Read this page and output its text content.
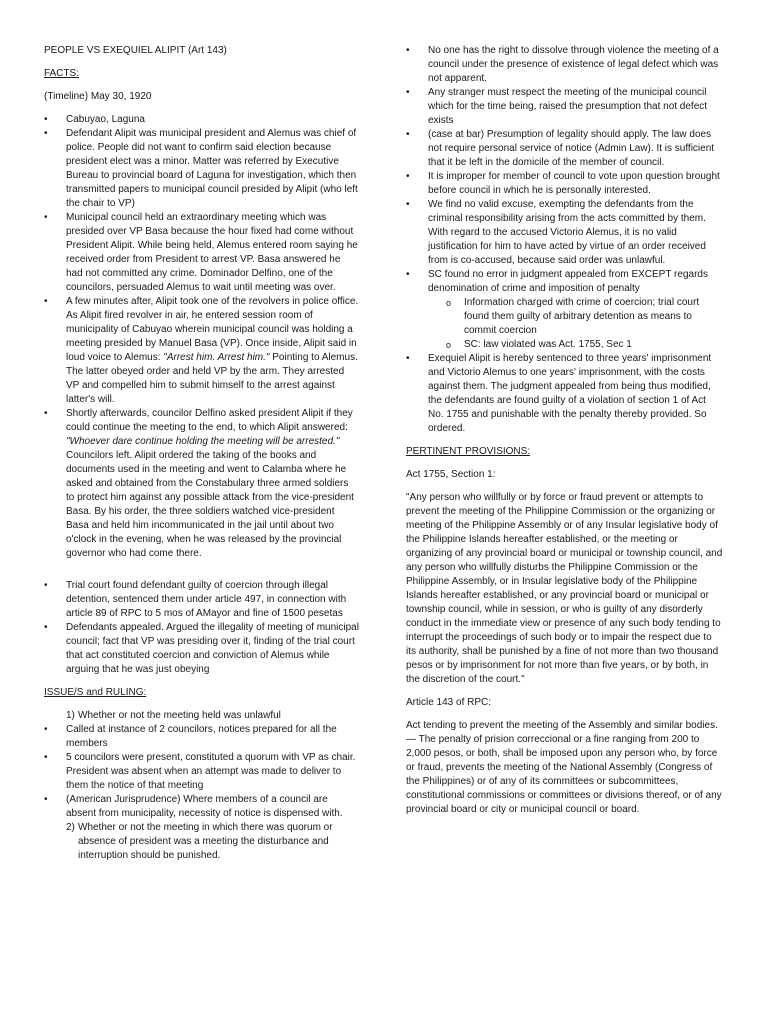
PEOPLE VS EXEQUIEL ALIPIT (Art 143)

FACTS:

(Timeline) May 30, 1920

• Cabuyao, Laguna
• Defendant Alipit was municipal president and Alemus was chief of police. People did not want to confirm said election because president elect was a minor. Matter was referred by Executive Bureau to provincial board of Laguna for investigation, which then transmitted papers to municipal council presided by Alipit (who left the chair to VP)
• Municipal council held an extraordinary meeting which was presided over VP Basa because the hour fixed had come without President Alipit. While being held, Alemus entered room saying he received order from President to arrest VP. Basa answered he had not committed any crime. Dominador Delfino, one of the councilors, persuaded Alemus to wait until meeting was over.
• A few minutes after, Alipit took one of the revolvers in police office. As Alipit fired revolver in air, he entered session room of municipality of Cabuyao wherein municipal council was holding a meeting presided by Manuel Basa (VP). Once inside, Alipit said in loud voice to Alemus: "Arrest him. Arrest him." Pointing to Alemus. The latter obeyed order and held VP by the arm. They arrested VP and compelled him to submit himself to the arrest against latter's will.
• Shortly afterwards, councilor Delfino asked president Alipit if they could continue the meeting to the end, to which Alipit answered: "Whoever dare continue holding the meeting will be arrested." Councilors left. Alipit ordered the taking of the books and documents used in the meeting and went to Calamba where he asked and obtained from the Constabulary three armed soldiers to protect him against any possible attack from the vice-president Basa. By his order, the three soldiers watched vice-president Basa and held him incommunicated in the jail until about two o'clock in the evening, when he was released by the provincial governor who had come there.
• Trial court found defendant guilty of coercion through illegal detention, sentenced them under article 497, in connection with article 89 of RPC to 5 mos of AMayor and fine of 1500 pesetas
• Defendants appealed. Argued the illegality of meeting of municipal council; fact that VP was presiding over it, finding of the trial court that act constituted coercion and conviction of Alemus while arguing that he was just obeying

ISSUE/S and RULING:

1) Whether or not the meeting held was unlawful
• Called at instance of 2 councilors, notices prepared for all the members
• 5 councilors were present, constituted a quorum with VP as chair. President was absent when an attempt was made to deliver to them the notice of that meeting
• (American Jurisprudence) Where members of a council are absent from municipality, necessity of notice is dispensed with.
2) Whether or not the meeting in which there was quorum or absence of president was a meeting the disturbance and interruption should be punished.
• No one has the right to dissolve through violence the meeting of a council under the presence of existence of legal defect which was not apparent.
• Any stranger must respect the meeting of the municipal council which for the time being, raised the presumption that not defect exists
• (case at bar) Presumption of legality should apply. The law does not require personal service of notice (Admin Law). It is sufficient that it be left in the domicile of the member of council.
• It is improper for member of council to vote upon question brought before council in which he is personally interested.
• We find no valid excuse, exempting the defendants from the criminal responsibility arising from the acts committed by them. With regard to the accused Victorio Alemus, it is no valid justification for him to have acted by virtue of an order received from is co-accused, because said order was unlawful.
• SC found no error in judgment appealed from EXCEPT regards denomination of crime and imposition of penalty
o Information charged with crime of coercion; trial court found them guilty of arbitrary detention as means to commit coercion
o SC: law violated was Act. 1755, Sec 1
• Exequiel Alipit is hereby sentenced to three years' imprisonment and Victorio Alemus to one years' imprisonment, with the costs against them. The judgment appealed from being thus modified, the defendants are found guilty of a violation of section 1 of Act No. 1755 and punishable with the penalty thereby provided. So ordered.

PERTINENT PROVISIONS:

Act 1755, Section 1:

"Any person who willfully or by force or fraud prevent or attempts to prevent the meeting of the Philippine Commission or the organizing or meeting of the Philippine Assembly or of any Insular legislative body of the Philippine Islands hereafter established, or the meeting or organizing of any provincial board or municipal or township council, and any person who willfully disturbs the Philippine Commission or the Philippine Assembly, or in Insular legislative body of the Philippine Islands hereafter established, or any provincial board or municipal or township council, while in session, or who is guilty of any disorderly conduct in the immediate view or presence of any such body tending to interrupt the proceedings of such body or to impair the respect due to its authority, shall be punished by a fine of not more than two thousand pesos or by imprisonment for not more than five years, or by both, in the discretion of the court."

Article 143 of RPC:

Act tending to prevent the meeting of the Assembly and similar bodies. — The penalty of prision correccional or a fine ranging from 200 to 2,000 pesos, or both, shall be imposed upon any person who, by force or fraud, prevents the meeting of the National Assembly (Congress of the Philippines) or of any of its committees or subcommittees, constitutional commissions or committees or divisions thereof, or of any provincial board or city or municipal council or board.
